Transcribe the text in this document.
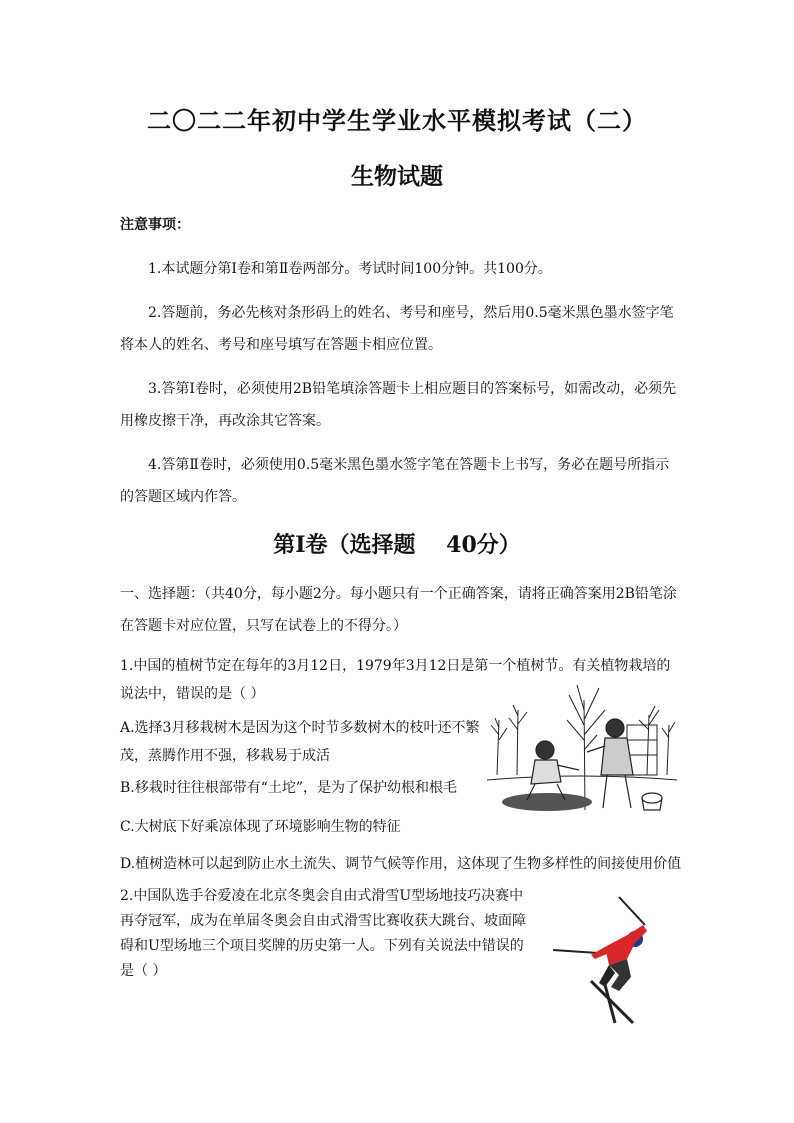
二〇二二年初中学生学业水平模拟考试（二）
生物试题
注意事项：
1.本试题分第Ⅰ卷和第Ⅱ卷两部分。考试时间100分钟。共100分。
2.答题前，务必先核对条形码上的姓名、考号和座号，然后用0.5毫米黑色墨水签字笔将本人的姓名、考号和座号填写在答题卡相应位置。
3.答第Ⅰ卷时，必须使用2B铅笔填涂答题卡上相应题目的答案标号，如需改动，必须先用橡皮擦干净，再改涂其它答案。
4.答第Ⅱ卷时，必须使用0.5毫米黑色墨水签字笔在答题卡上书写，务必在题号所指示的答题区域内作答。
第Ⅰ卷（选择题    40分）
一、选择题：（共40分，每小题2分。每小题只有一个正确答案，请将正确答案用2B铅笔涂在答题卡对应位置，只写在试卷上的不得分。）
1.中国的植树节定在每年的3月12日，1979年3月12日是第一个植树节。有关植物栽培的说法中，错误的是（ ）
A.选择3月移栽树木是因为这个时节多数树木的枝叶还不繁茂，蒸腾作用不强，移栽易于成活
B.移栽时往往根部带有“土坨”，是为了保护幼根和根毛
C.大树底下好乘凉体现了环境影响生物的特征
D.植树造林可以起到防止水土流失、调节气候等作用，这体现了生物多样性的间接使用价值
2.中国队选手谷爱凌在北京冬奥会自由式滑雪U型场地技巧决赛中再夺冠军，成为在单届冬奥会自由式滑雪比赛收获大跳台、坡面障碍和U型场地三个项目奖牌的历史第一人。下列有关说法中错误的是（ ）
